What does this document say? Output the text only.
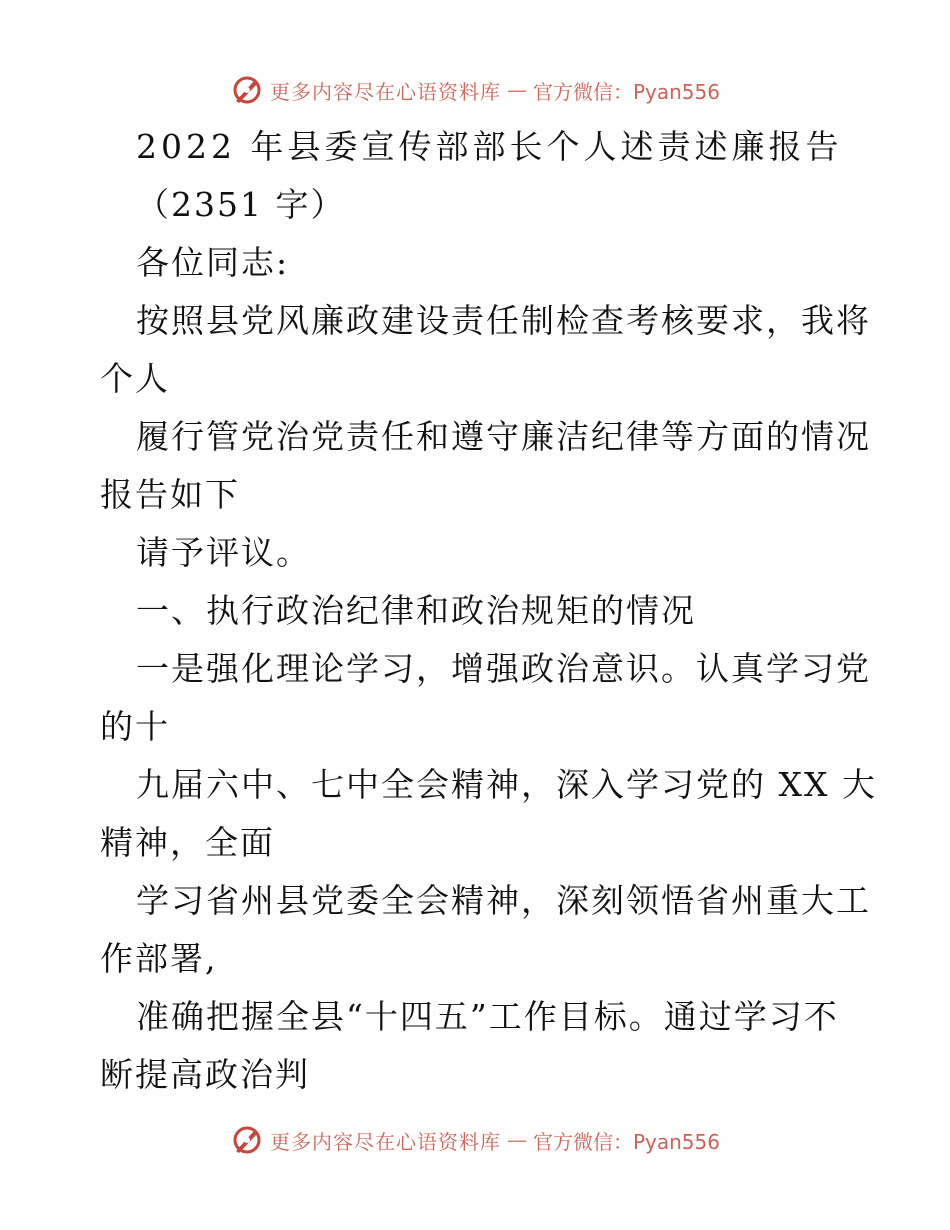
更多内容尽在心语资料库 — 官方微信：Pyan556
2022 年县委宣传部部长个人述责述廉报告
（2351 字）
各位同志:
按照县党风廉政建设责任制检查考核要求，我将
个人
履行管党治党责任和遵守廉洁纪律等方面的情况
报告如下
请予评议。
一、执行政治纪律和政治规矩的情况
一是强化理论学习，增强政治意识。认真学习党
的十
九届六中、七中全会精神，深入学习党的 XX 大
精神，全面
学习省州县党委全会精神，深刻领悟省州重大工
作部署,
准确把握全县“十四五”工作目标。通过学习不
断提高政治判
更多内容尽在心语资料库 — 官方微信：Pyan556
